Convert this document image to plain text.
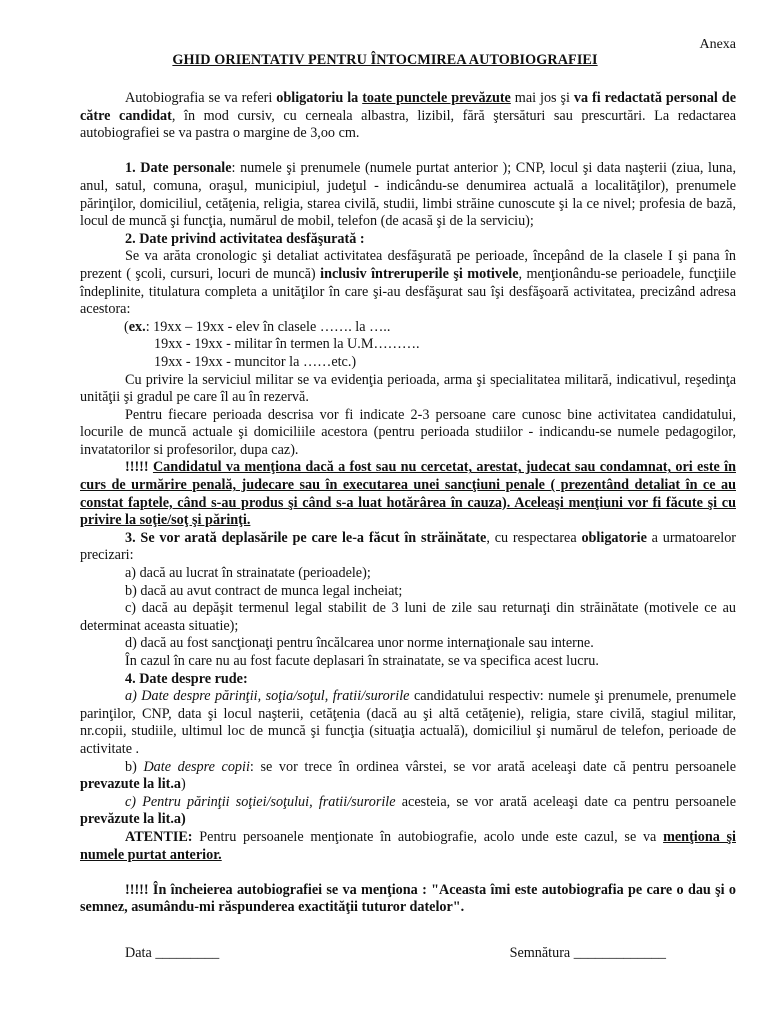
Anexa
GHID ORIENTATIV PENTRU ÎNTOCMIREA AUTOBIOGRAFIEI

Autobiografia se va referi obligatoriu la toate punctele prevăzute mai jos şi va fi redactată personal de către candidat, în mod cursiv, cu cerneala albastra, lizibil, fără ştersături sau prescurtări. La redactarea autobiografiei se va pastra o margine de 3,oo cm.

1. Date personale: numele şi prenumele (numele purtat anterior ); CNP, locul şi data naşterii (ziua, luna, anul, satul, comuna, oraşul, municipiul, judeţul - indicându-se denumirea actuală a localităţilor), prenumele părinţilor, domiciliul, cetăţenia, religia, starea civilă, studii, limbi străine cunoscute şi la ce nivel; profesia de bază, locul de muncă şi funcţia, numărul de mobil, telefon (de acasă şi de la serviciu);

2. Date privind activitatea desfăşurată :

Se va arăta cronologic şi detaliat activitatea desfăşurată pe perioade, începând de la clasele I şi pana în prezent ( şcoli, cursuri, locuri de muncă) inclusiv întreruperile şi motivele, menţionându-se perioadele, funcţiile îndeplinite, titulatura completa a unităţilor în care şi-au desfăşurat sau îşi desfăşoară activitatea, precizând adresa acestora:

(ex.: 19xx – 19xx - elev în clasele ……. la …..

19xx - 19xx - militar în termen la U.M……….

19xx - 19xx - muncitor la ……etc.)

Cu privire la serviciul militar se va evidenţia perioada, arma şi specialitatea militară, indicativul, reşedinţa unităţii şi gradul pe care îl au în rezervă.

Pentru fiecare perioada descrisa vor fi indicate 2-3 persoane care cunosc bine activitatea candidatului, locurile de muncă actuale şi domiciliile acestora (pentru perioada studiilor - indicandu-se numele pedagogilor, invatatorilor si profesorilor, dupa caz).

!!!!! Candidatul va menţiona dacă a fost sau nu cercetat, arestat, judecat sau condamnat, ori este în curs de urmărire penală, judecare sau în executarea unei sancţiuni penale ( prezentând detaliat în ce au constat faptele, când s-au produs şi când s-a luat hotărârea în cauza). Aceleaşi menţiuni vor fi făcute şi cu privire la soţie/soţ şi părinţi.

3. Se vor arată deplasările pe care le-a făcut în străinătate, cu respectarea obligatorie a urmatoarelor precizari:

a) dacă au lucrat în strainatate (perioadele);

b) dacă au avut contract de munca legal incheiat;

c) dacă au depăşit termenul legal stabilit de 3 luni de zile sau returnaţi din străinătate (motivele ce au determinat aceasta situatie);

d) dacă au fost sancţionaţi pentru încălcarea unor norme internaţionale sau interne.

În cazul în care nu au fost facute deplasari în strainatate, se va specifica acest lucru.

4. Date despre rude:

a) Date despre părinţii, soţia/soţul, fratii/surorile candidatului respectiv: numele şi prenumele, prenumele parinţilor, CNP, data şi locul naşterii, cetăţenia (dacă au şi altă cetăţenie), religia, stare civilă, stagiul militar, nr.copii, studiile, ultimul loc de muncă şi funcţia (situaţia actuală), domiciliul şi numărul de telefon, perioade de activitate .

b) Date despre copii: se vor trece în ordinea vârstei, se vor arată aceleaşi date că pentru persoanele prevazute la lit.a)

c) Pentru părinţii soţiei/soţului, fratii/surorile acesteia, se vor arată aceleaşi date ca pentru persoanele prevăzute la lit.a)

ATENTIE: Pentru persoanele menţionate în autobiografie, acolo unde este cazul, se va menţiona şi numele purtat anterior.

!!!!! În încheierea autobiografiei se va menţiona : "Aceasta îmi este autobiografia pe care o dau şi o semnez, asumându-mi răspunderea exactităţii tuturor datelor".

Data _________	Semnătura _____________
